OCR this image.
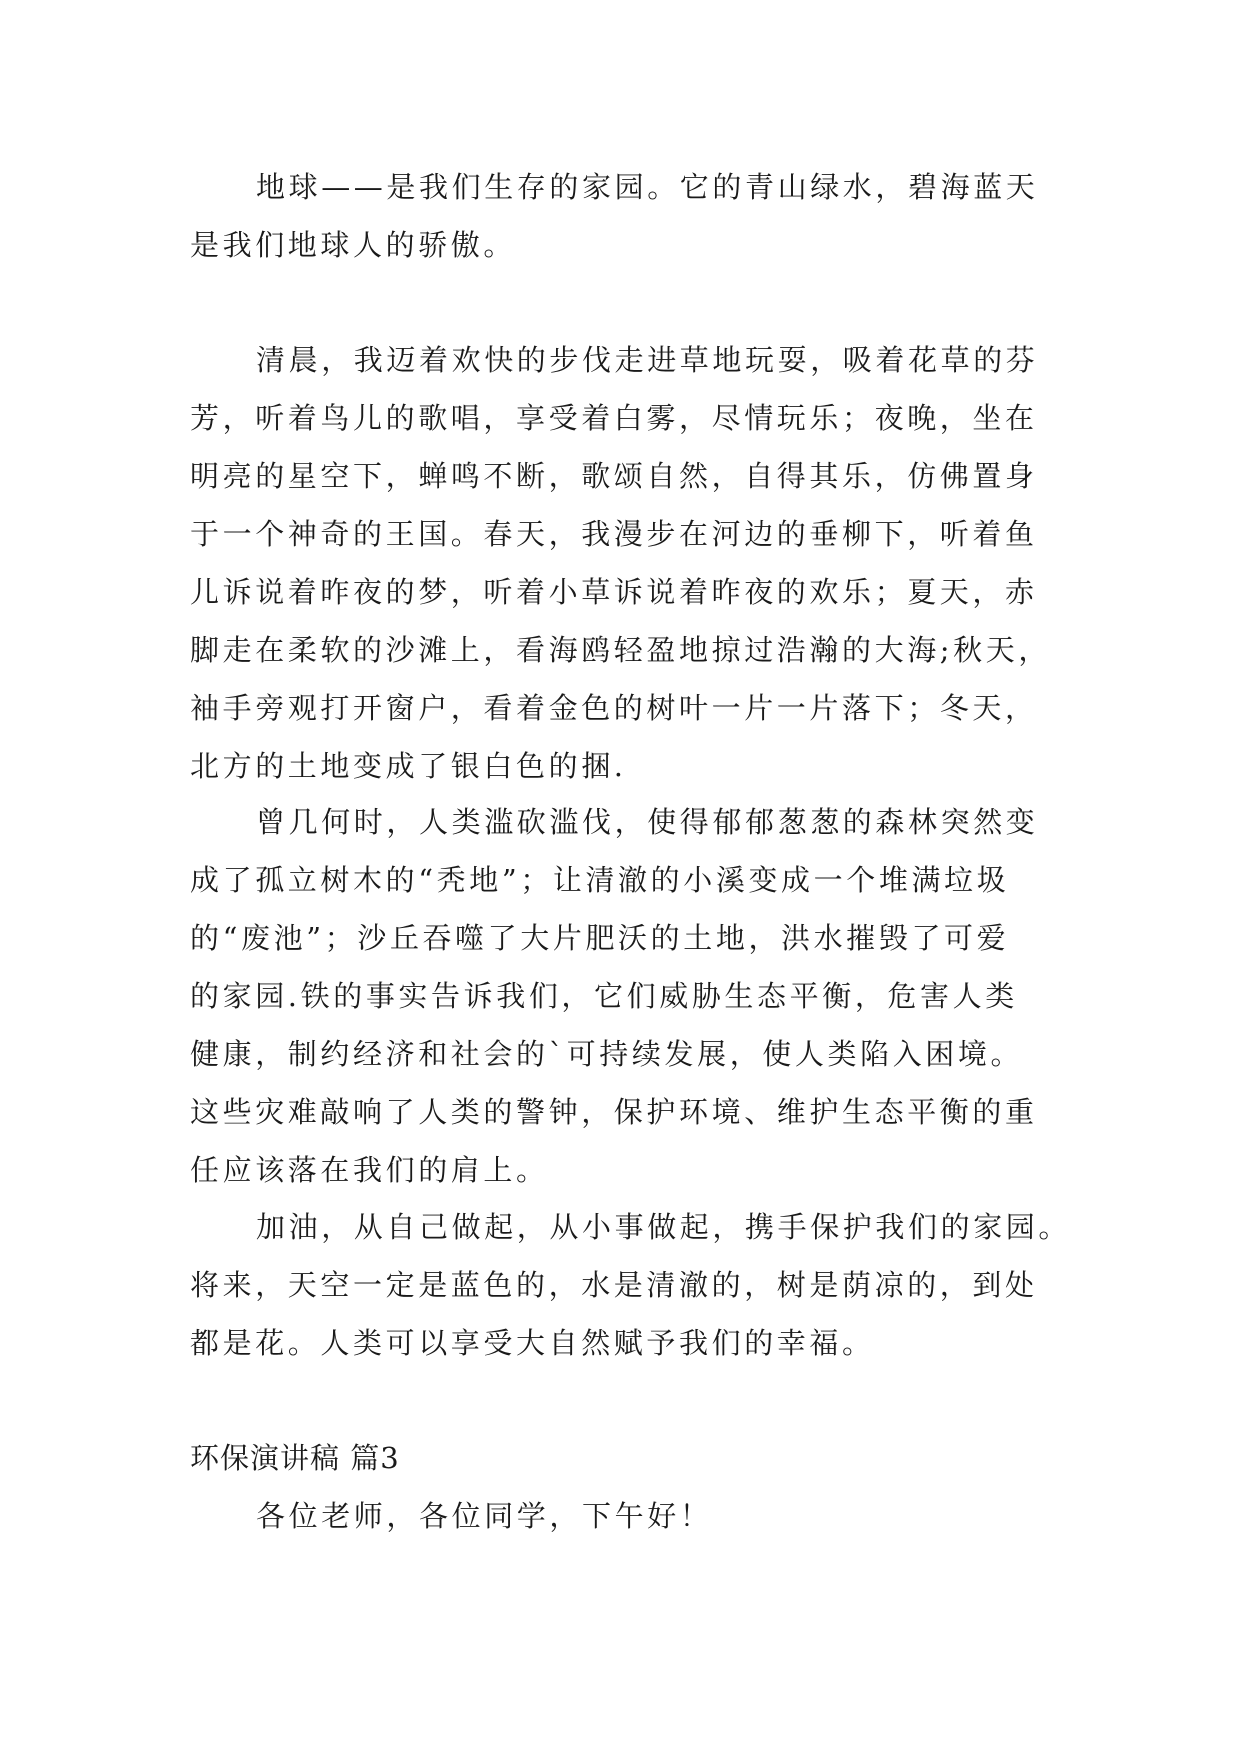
地球——是我们生存的家园。它的青山绿水，碧海蓝天
是我们地球人的骄傲。

清晨，我迈着欢快的步伐走进草地玩耍，吸着花草的芬
芳，听着鸟儿的歌唱，享受着白雾，尽情玩乐；夜晚，坐在
明亮的星空下，蝉鸣不断，歌颂自然，自得其乐，仿佛置身
于一个神奇的王国。春天，我漫步在河边的垂柳下，听着鱼
儿诉说着昨夜的梦，听着小草诉说着昨夜的欢乐；夏天，赤
脚走在柔软的沙滩上，看海鸥轻盈地掠过浩瀚的大海;秋天，
袖手旁观打开窗户，看着金色的树叶一片一片落下；冬天，
北方的土地变成了银白色的捆.

曾几何时，人类滥砍滥伐，使得郁郁葱葱的森林突然变
成了孤立树木的“秃地”；让清澈的小溪变成一个堆满垃圾
的“废池”；沙丘吞噬了大片肥沃的土地，洪水摧毁了可爱
的家园.铁的事实告诉我们，它们威胁生态平衡，危害人类
健康，制约经济和社会的`可持续发展，使人类陷入困境。
这些灾难敲响了人类的警钟，保护环境、维护生态平衡的重
任应该落在我们的肩上。

加油，从自己做起，从小事做起，携手保护我们的家园。
将来，天空一定是蓝色的，水是清澈的，树是荫凉的，到处
都是花。人类可以享受大自然赋予我们的幸福。

环保演讲稿 篇3

各位老师，各位同学，下午好！
